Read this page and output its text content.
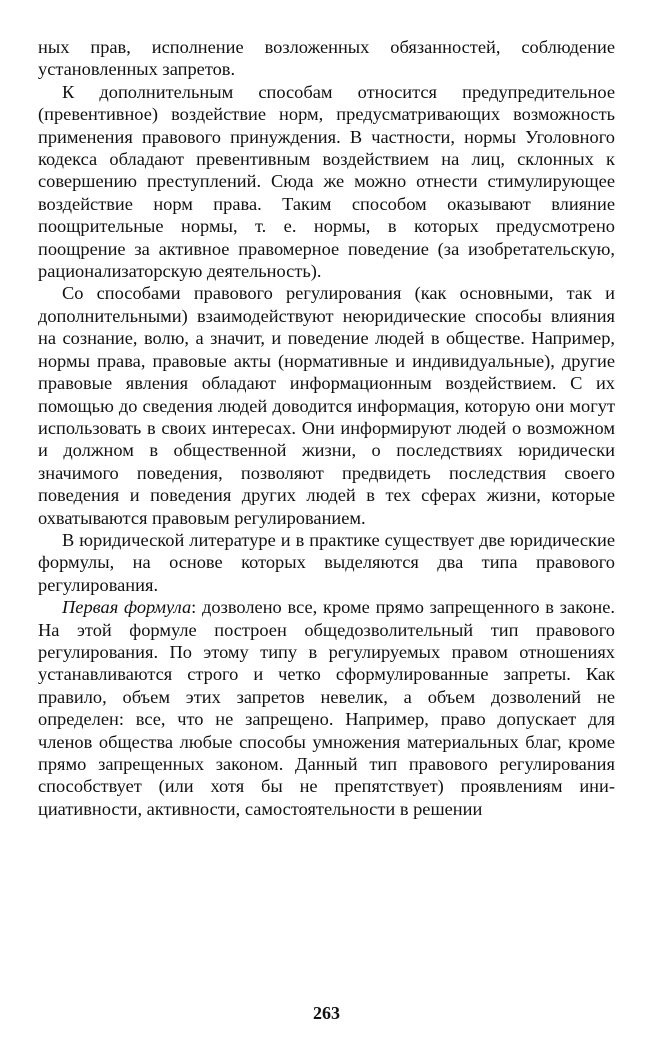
ных прав, исполнение возложенных обязанностей, соблюдение установленных запретов.

К дополнительным способам относится предупредительное (превентивное) воздействие норм, предусматривающих возможность применения правового принуждения. В частности, нормы Уголовного кодекса обладают превентивным воздействием на лиц, склонных к совершению преступлений. Сюда же можно отнести стимулирующее воздействие норм права. Таким способом оказывают влияние поощрительные нормы, т. е. нормы, в которых предусмотрено поощрение за активное правомерное поведение (за изобретательскую, рационализаторскую деятельность).

Со способами правового регулирования (как основными, так и дополнительными) взаимодействуют неюридические способы влияния на сознание, волю, а значит, и поведение людей в обществе. Например, нормы права, правовые акты (нормативные и индивидуальные), другие правовые явления обладают информационным воздействием. С их помощью до сведения людей доводится информация, которую они могут использовать в своих интересах. Они информируют людей о возможном и должном в общественной жизни, о последствиях юридически значимого поведения, позволяют предвидеть последствия своего поведения и поведения других людей в тех сферах жизни, которые охватываются правовым регулированием.

В юридической литературе и в практике существует две юридические формулы, на основе которых выделяются два типа правового регулирования.

Первая формула: дозволено все, кроме прямо запрещенного в законе. На этой формуле построен общедозволительный тип правового регулирования. По этому типу в регулируемых правом отношениях устанавливаются строго и четко сформулированные запреты. Как правило, объем этих запретов невелик, а объем дозволений не определен: все, что не запрещено. Например, право допускает для членов общества любые способы умножения материальных благ, кроме прямо запрещенных законом. Данный тип правового регулирования способствует (или хотя бы не препятствует) проявлениям инициативности, активности, самостоятельности в решении

263
